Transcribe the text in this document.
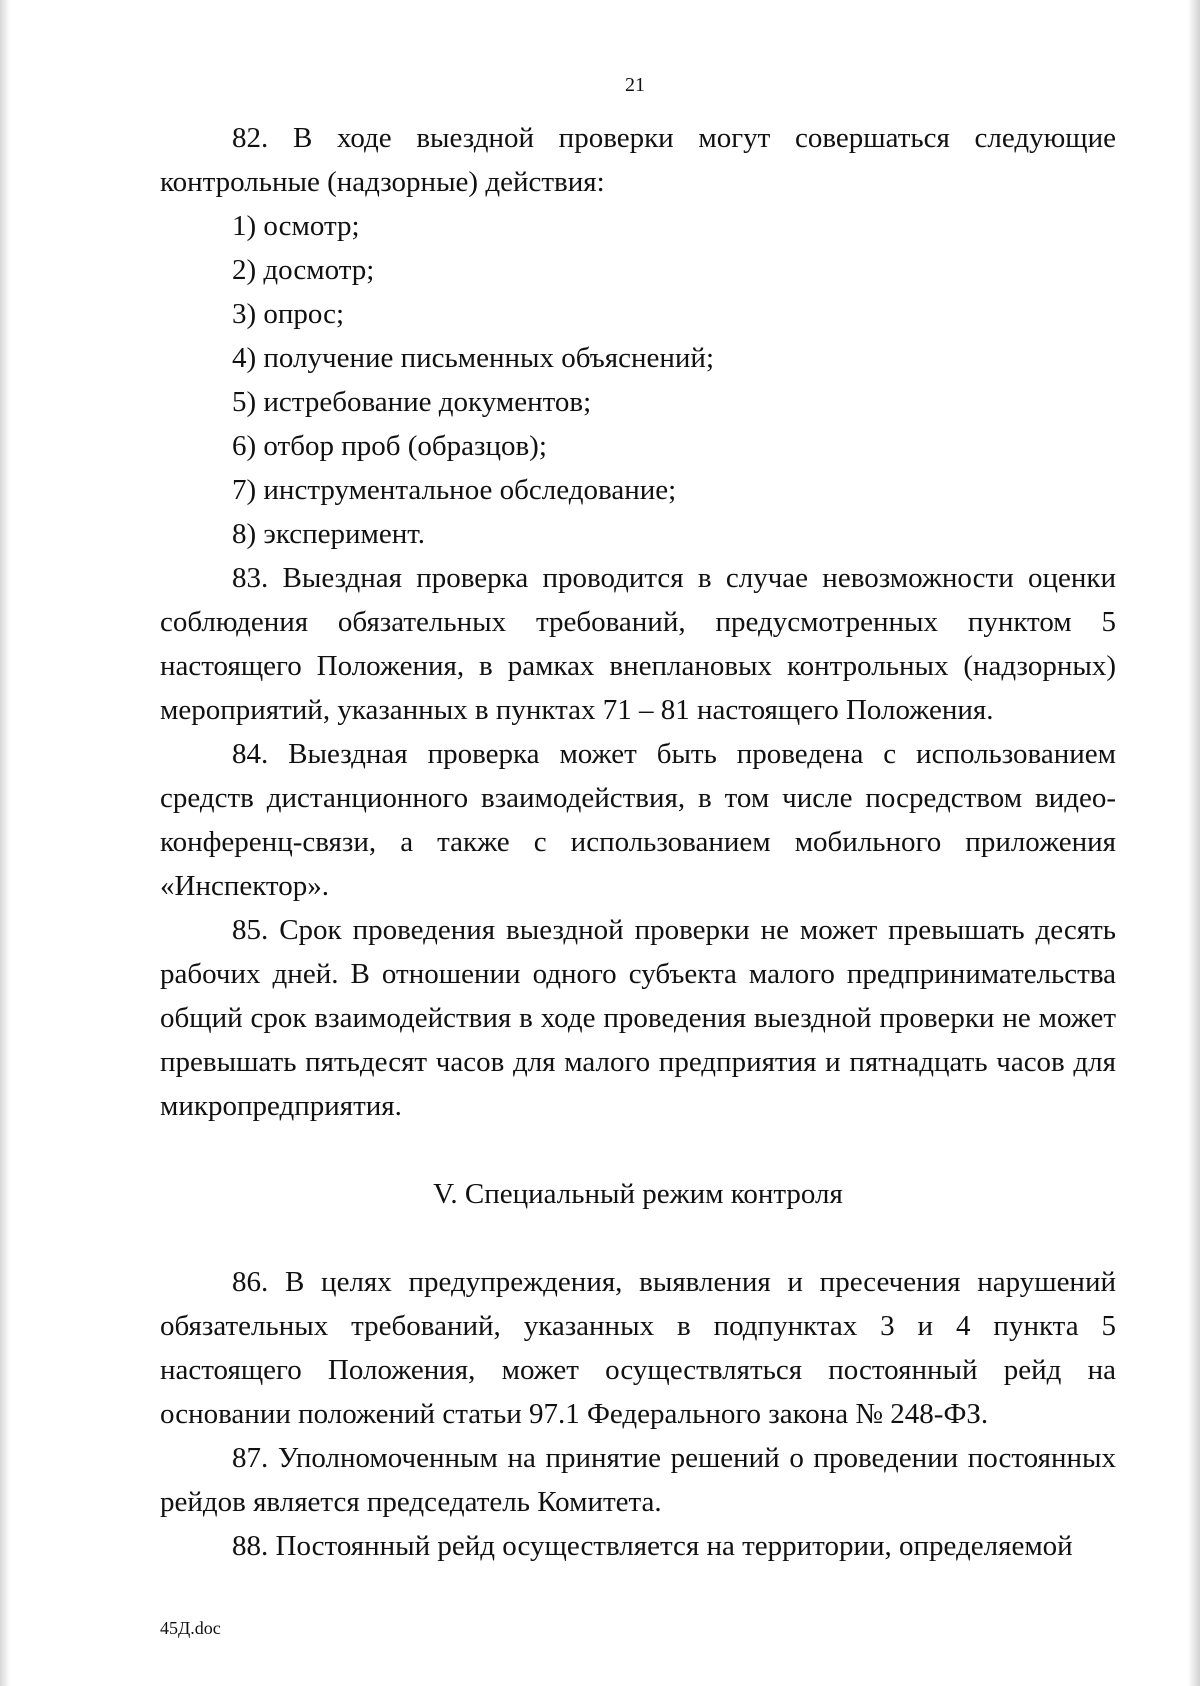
21

82. В ходе выездной проверки могут совершаться следующие контрольные (надзорные) действия:

1) осмотр;

2) досмотр;

3) опрос;

4) получение письменных объяснений;

5) истребование документов;

6) отбор проб (образцов);

7) инструментальное обследование;

8) эксперимент.

83. Выездная проверка проводится в случае невозможности оценки соблюдения обязательных требований, предусмотренных пунктом 5 настоящего Положения, в рамках внеплановых контрольных (надзорных) мероприятий, указанных в пунктах 71 – 81 настоящего Положения.

84. Выездная проверка может быть проведена с использованием средств дистанционного взаимодействия, в том числе посредством видео-конференц-связи, а также с использованием мобильного приложения «Инспектор».

85. Срок проведения выездной проверки не может превышать десять рабочих дней. В отношении одного субъекта малого предпринимательства общий срок взаимодействия в ходе проведения выездной проверки не может превышать пятьдесят часов для малого предприятия и пятнадцать часов для микропредприятия.

V. Специальный режим контроля

86. В целях предупреждения, выявления и пресечения нарушений обязательных требований, указанных в подпунктах 3 и 4 пункта 5 настоящего Положения, может осуществляться постоянный рейд на основании положений статьи 97.1 Федерального закона № 248-ФЗ.

87. Уполномоченным на принятие решений о проведении постоянных рейдов является председатель Комитета.

88. Постоянный рейд осуществляется на территории, определяемой

45Д.doc
